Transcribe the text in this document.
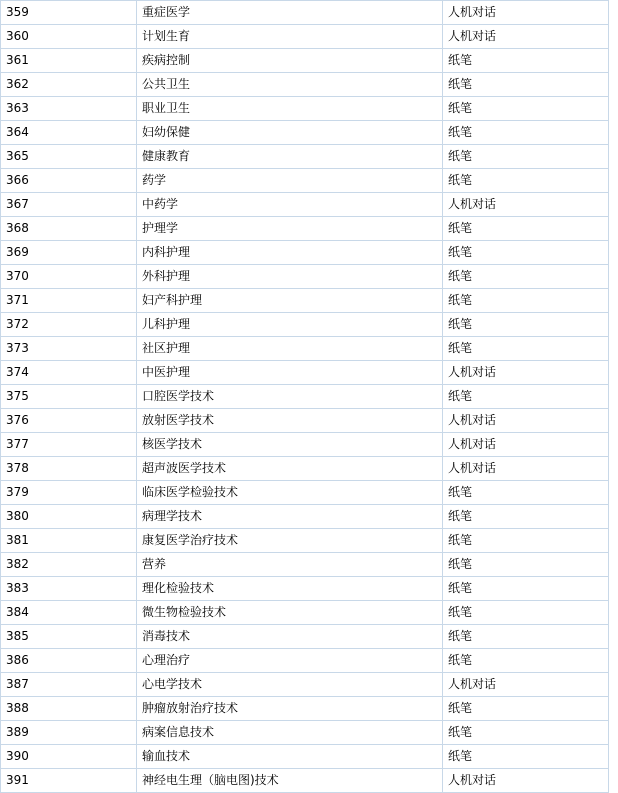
359	重症医学	人机对话
360	计划生育	人机对话
361	疾病控制	纸笔
362	公共卫生	纸笔
363	职业卫生	纸笔
364	妇幼保健	纸笔
365	健康教育	纸笔
366	药学	纸笔
367	中药学	人机对话
368	护理学	纸笔
369	内科护理	纸笔
370	外科护理	纸笔
371	妇产科护理	纸笔
372	儿科护理	纸笔
373	社区护理	纸笔
374	中医护理	人机对话
375	口腔医学技术	纸笔
376	放射医学技术	人机对话
377	核医学技术	人机对话
378	超声波医学技术	人机对话
379	临床医学检验技术	纸笔
380	病理学技术	纸笔
381	康复医学治疗技术	纸笔
382	营养	纸笔
383	理化检验技术	纸笔
384	微生物检验技术	纸笔
385	消毒技术	纸笔
386	心理治疗	纸笔
387	心电学技术	人机对话
388	肿瘤放射治疗技术	纸笔
389	病案信息技术	纸笔
390	输血技术	纸笔
391	神经电生理（脑电图)技术	人机对话
